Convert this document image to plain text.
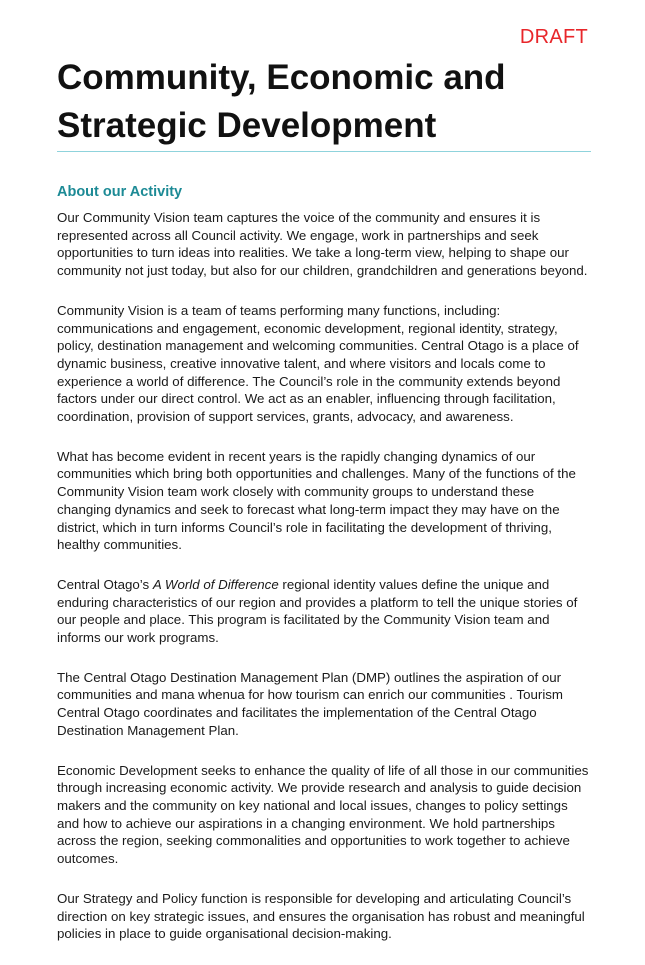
DRAFT
Community, Economic and
Strategic Development
About our Activity

Our Community Vision team captures the voice of the community and ensures it is represented across all Council activity. We engage, work in partnerships and seek opportunities to turn ideas into realities. We take a long-term view, helping to shape our community not just today, but also for our children, grandchildren and generations beyond.

Community Vision is a team of teams performing many functions, including: communications and engagement, economic development, regional identity, strategy, policy, destination management and welcoming communities. Central Otago is a place of dynamic business, creative innovative talent, and where visitors and locals come to experience a world of difference. The Council’s role in the community extends beyond factors under our direct control. We act as an enabler, influencing through facilitation, coordination, provision of support services, grants, advocacy, and awareness.

What has become evident in recent years is the rapidly changing dynamics of our communities which bring both opportunities and challenges. Many of the functions of the Community Vision team work closely with community groups to understand these changing dynamics and seek to forecast what long-term impact they may have on the district, which in turn informs Council’s role in facilitating the development of thriving, healthy communities.

Central Otago’s A World of Difference regional identity values define the unique and enduring characteristics of our region and provides a platform to tell the unique stories of our people and place. This program is facilitated by the Community Vision team and informs our work programs.

The Central Otago Destination Management Plan (DMP) outlines the aspiration of our communities and mana whenua for how tourism can enrich our communities . Tourism Central Otago coordinates and facilitates the implementation of the Central Otago Destination Management Plan.

Economic Development seeks to enhance the quality of life of all those in our communities through increasing economic activity. We provide research and analysis to guide decision makers and the community on key national and local issues, changes to policy settings and how to achieve our aspirations in a changing environment. We hold partnerships across the region, seeking commonalities and opportunities to work together to achieve outcomes.

Our Strategy and Policy function is responsible for developing and articulating Council’s direction on key strategic issues, and ensures the organisation has robust and meaningful policies in place to guide organisational decision-making.
